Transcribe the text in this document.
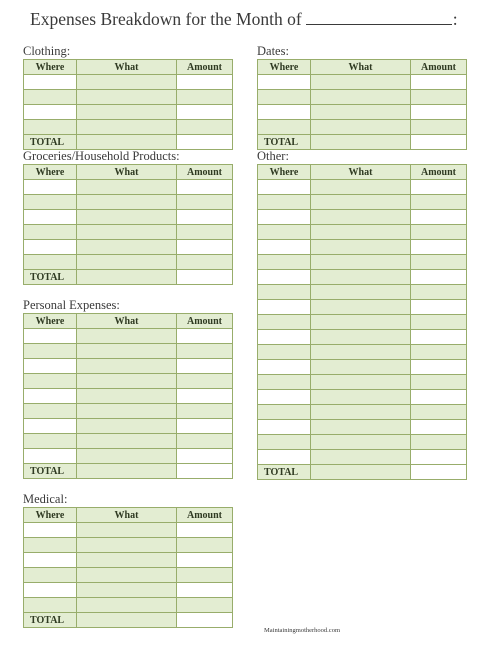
Expenses Breakdown for the Month of	:
Clothing:
Where	What	Amount

TOTAL		
Dates:
Where	What	Amount

TOTAL		
Groceries/Household Products:
Where	What	Amount

TOTAL		
Other:
Where	What	Amount

TOTAL		
Personal Expenses:
Where	What	Amount

TOTAL		
Medical:
Where	What	Amount

TOTAL		
Maintainingmotherhood.com
